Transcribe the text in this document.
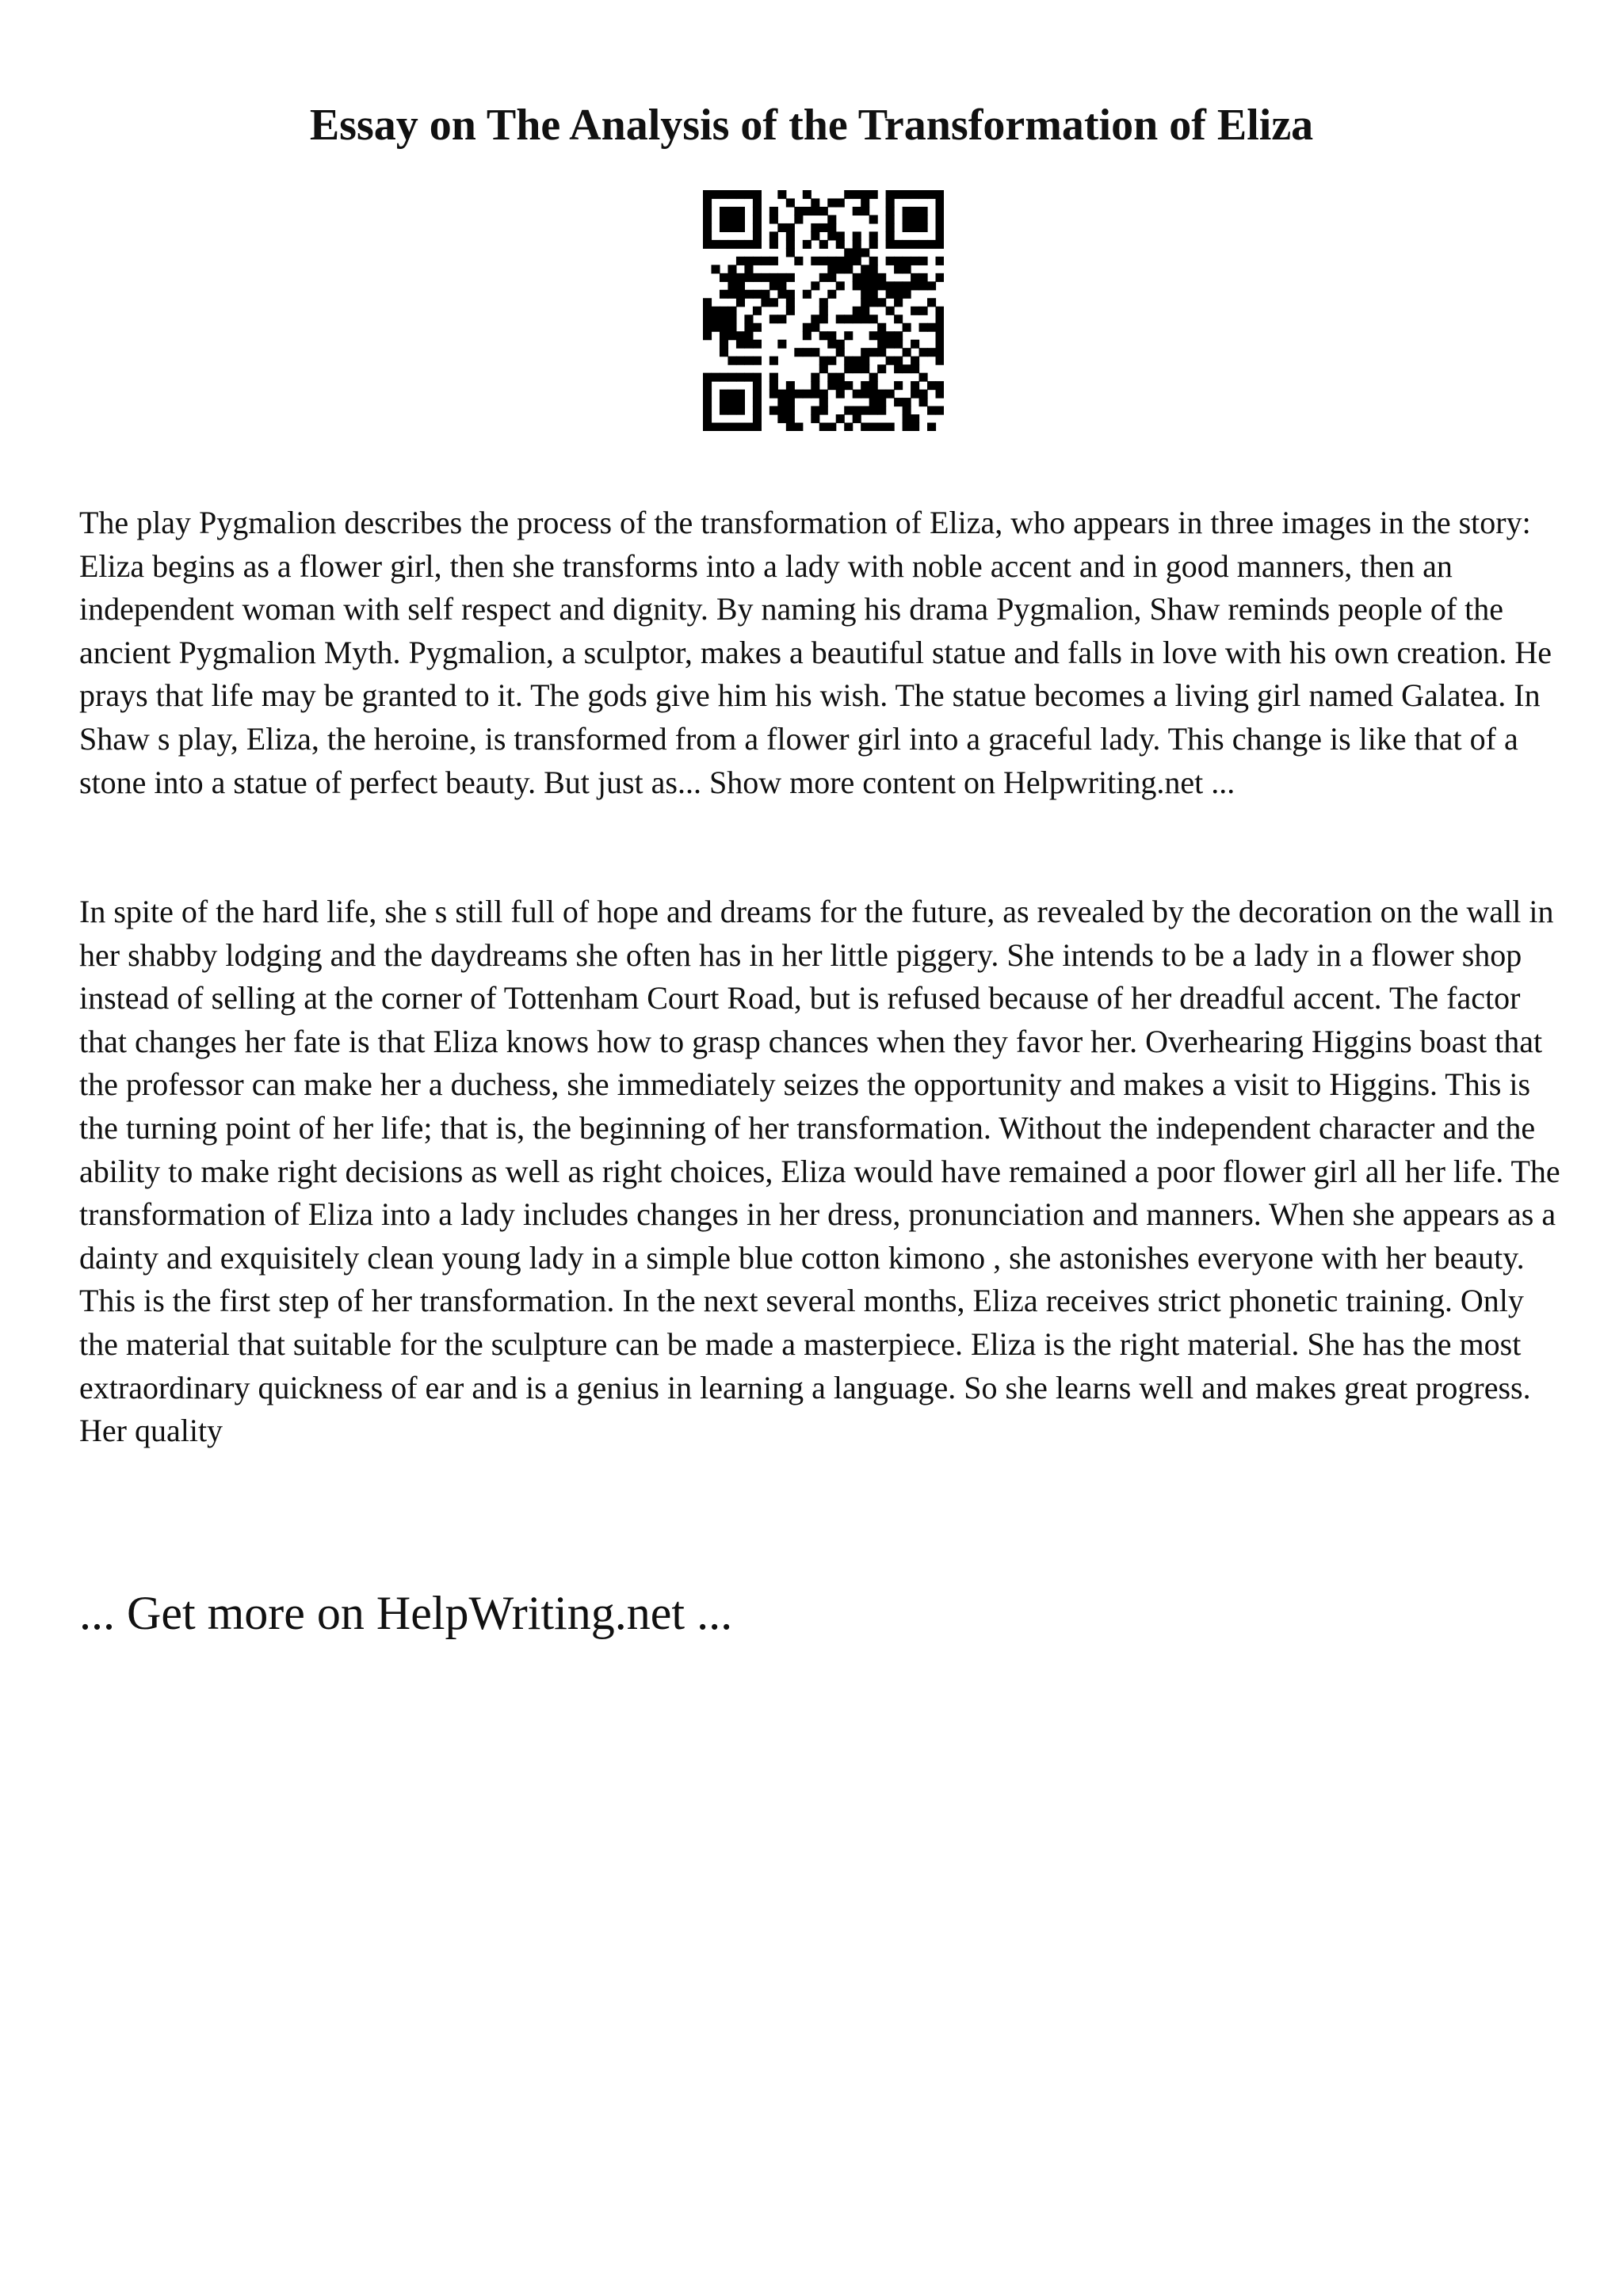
Essay on The Analysis of the Transformation of Eliza

The play Pygmalion describes the process of the transformation of Eliza, who appears in three images in the story: Eliza begins as a flower girl, then she transforms into a lady with noble accent and in good manners, then an independent woman with self respect and dignity. By naming his drama Pygmalion, Shaw reminds people of the ancient Pygmalion Myth. Pygmalion, a sculptor, makes a beautiful statue and falls in love with his own creation. He prays that life may be granted to it. The gods give him his wish. The statue becomes a living girl named Galatea. In Shaw s play, Eliza, the heroine, is transformed from a flower girl into a graceful lady. This change is like that of a stone into a statue of perfect beauty. But just as... Show more content on Helpwriting.net ...

In spite of the hard life, she s still full of hope and dreams for the future, as revealed by the decoration on the wall in her shabby lodging and the daydreams she often has in her little piggery. She intends to be a lady in a flower shop instead of selling at the corner of Tottenham Court Road, but is refused because of her dreadful accent. The factor that changes her fate is that Eliza knows how to grasp chances when they favor her. Overhearing Higgins boast that the professor can make her a duchess, she immediately seizes the opportunity and makes a visit to Higgins. This is the turning point of her life; that is, the beginning of her transformation. Without the independent character and the ability to make right decisions as well as right choices, Eliza would have remained a poor flower girl all her life. The transformation of Eliza into a lady includes changes in her dress, pronunciation and manners. When she appears as a dainty and exquisitely clean young lady in a simple blue cotton kimono , she astonishes everyone with her beauty. This is the first step of her transformation. In the next several months, Eliza receives strict phonetic training. Only the material that suitable for the sculpture can be made a masterpiece. Eliza is the right material. She has the most extraordinary quickness of ear and is a genius in learning a language. So she learns well and makes great progress. Her quality

... Get more on HelpWriting.net ...
